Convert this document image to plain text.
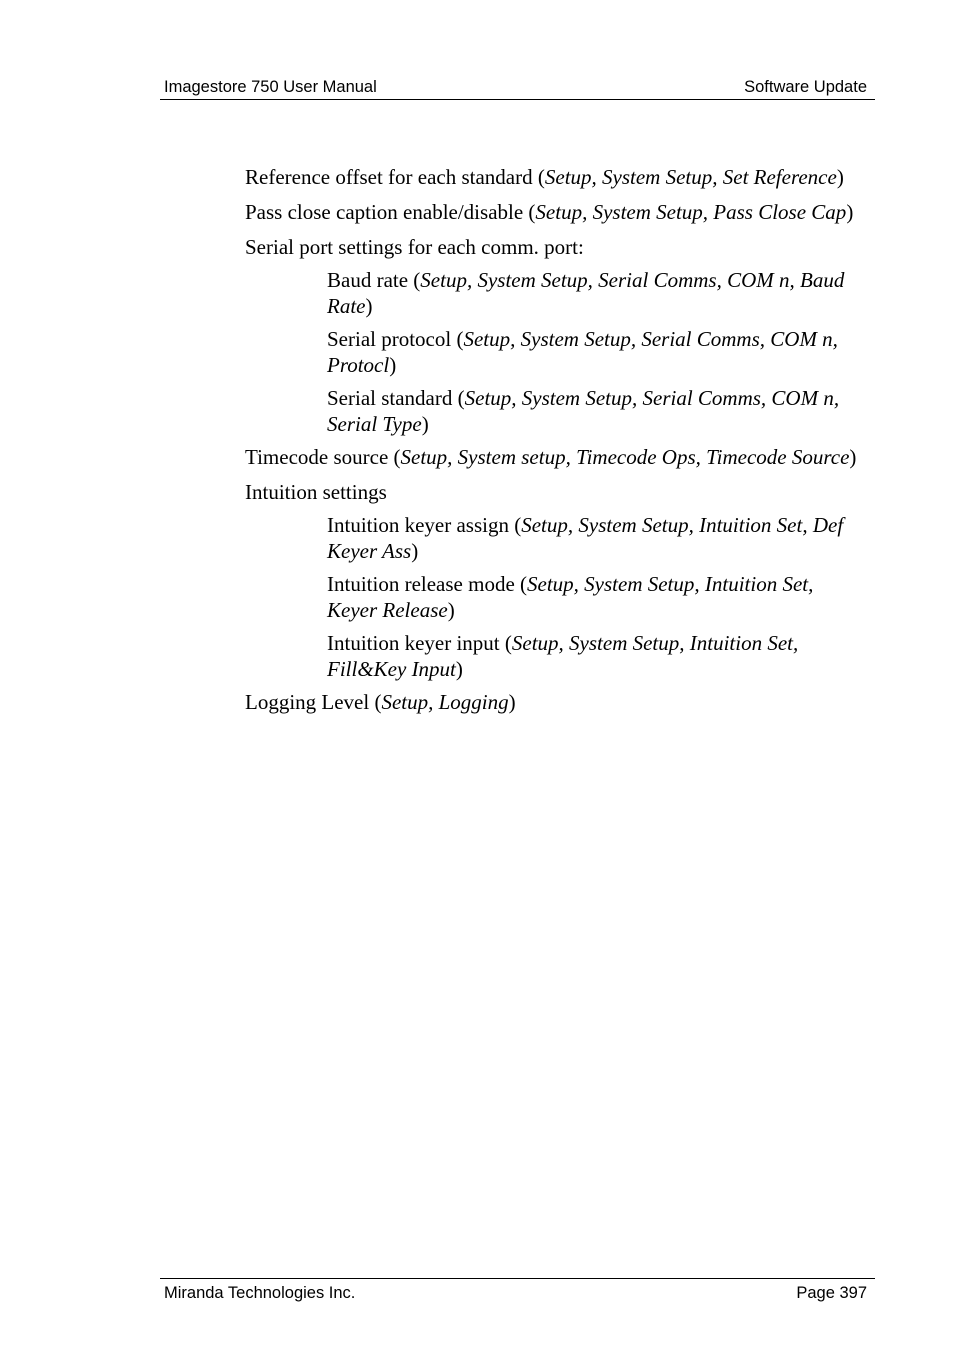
Imagestore 750 User Manual	Software Update

Reference offset for each standard (Setup, System Setup, Set Reference)

Pass close caption enable/disable (Setup, System Setup, Pass Close Cap)

Serial port settings for each comm. port:

Baud rate (Setup, System Setup, Serial Comms, COM n, Baud Rate)

Serial protocol (Setup, System Setup, Serial Comms, COM n, Protocl)

Serial standard (Setup, System Setup, Serial Comms, COM n, Serial Type)

Timecode source (Setup, System setup, Timecode Ops, Timecode Source)

Intuition settings

Intuition keyer assign (Setup, System Setup, Intuition Set, Def Keyer Ass)

Intuition release mode (Setup, System Setup, Intuition Set, Keyer Release)

Intuition keyer input (Setup, System Setup, Intuition Set, Fill&Key Input)

Logging Level (Setup, Logging)

Miranda Technologies Inc.	Page 397
